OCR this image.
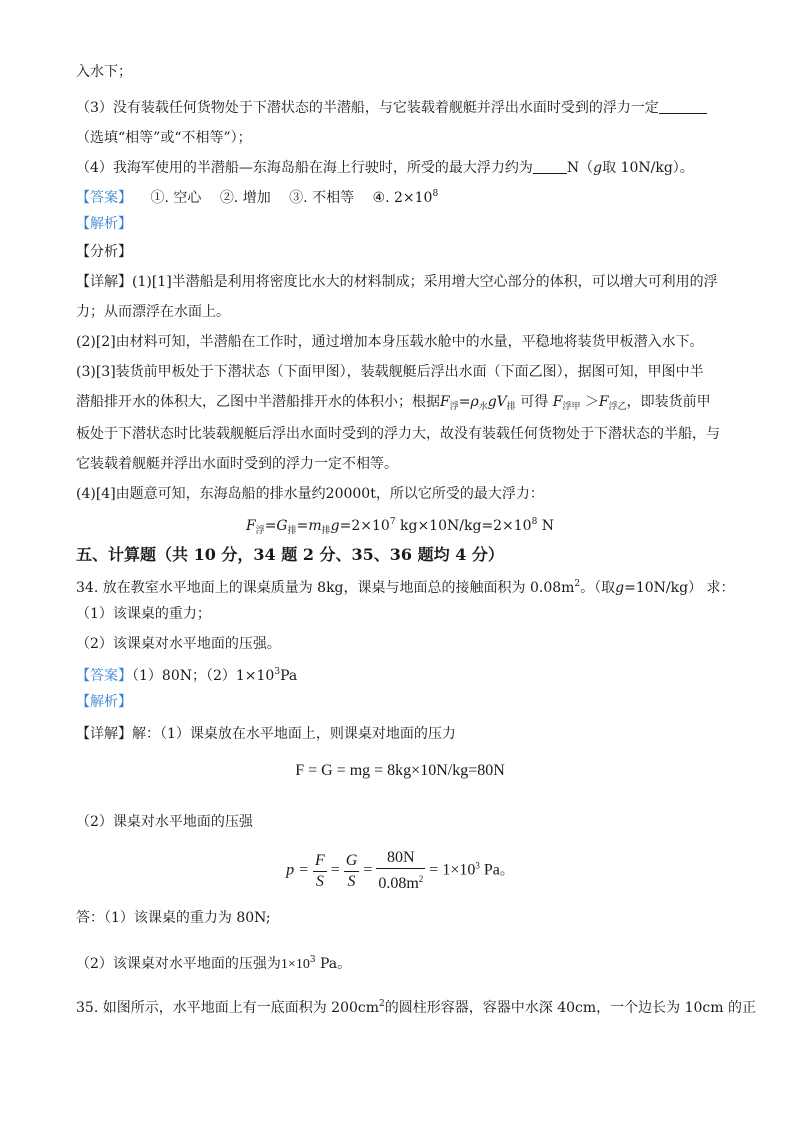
入水下；
（3）没有装载任何货物处于下潜状态的半潜船，与它装载着舰艇并浮出水面时受到的浮力一定
（选填“相等”或“不相等”）；
（4）我海军使用的半潜船—东海岛船在海上行驶时，所受的最大浮力约为 N（g取 10N/kg）。
【答案】 ①. 空心 ②. 增加 ③. 不相等 ④. $2\times 10^8$
【解析】
【分析】
【详解】(1)[1]半潜船是利用将密度比水大的材料制成；采用增大空心部分的体积，可以增大可利用的浮
力；从而漂浮在水面上。
(2)[2]由材料可知，半潜船在工作时，通过增加本身压载水舱中的水量，平稳地将装货甲板潜入水下。
(3)[3]装货前甲板处于下潜状态（下面甲图），装载舰艇后浮出水面（下面乙图），据图可知，甲图中半
潜船排开水的体积大，乙图中半潜船排开水的体积小；根据$F_浮=\rho_水gV_排$ 可得 $F_{浮甲} >F_{浮乙}$，即装货前甲
板处于下潜状态时比装载舰艇后浮出水面时受到的浮力大，故没有装载任何货物处于下潜状态的半船，与
它装载着舰艇并浮出水面时受到的浮力一定不相等。
(4)[4]由题意可知，东海岛船的排水量约20000t，所以它所受的最大浮力：
$F_浮=G_排=m_排g=2\times 10^7$ $kg\times 10N/kg=2\times 10^8$ N
五、计算题（共 10 分，34 题 2 分、35、36 题均 4 分）
34. 放在教室水平地面上的课桌质量为 8kg，课桌与地面总的接触面积为 $0.08m^2$。（取g=10N/kg） 求：
（1）该课桌的重力；
（2）该课桌对水平地面的压强。
【答案】（1）80N；$(2)1\times 10^3Pa$
【解析】
【详解】解：（1）课桌放在水平地面上，则课桌对地面的压力
F = G = mg = 8kg×10N/kg=80N
（2）课桌对水平地面的压强
$p = \frac{F}{S} = \frac{G}{S} = \frac{80N}{0.08m^2} = 1\times 10^3$ Pa。
答：（1）该课桌的重力为 80N;
（2）该课桌对水平地面的压强为$1\times 10^3$ Pa。
35. 如图所示，水平地面上有一底面积为 $200cm^2$的圆柱形容器，容器中水深 40cm，一个边长为 10cm 的正
